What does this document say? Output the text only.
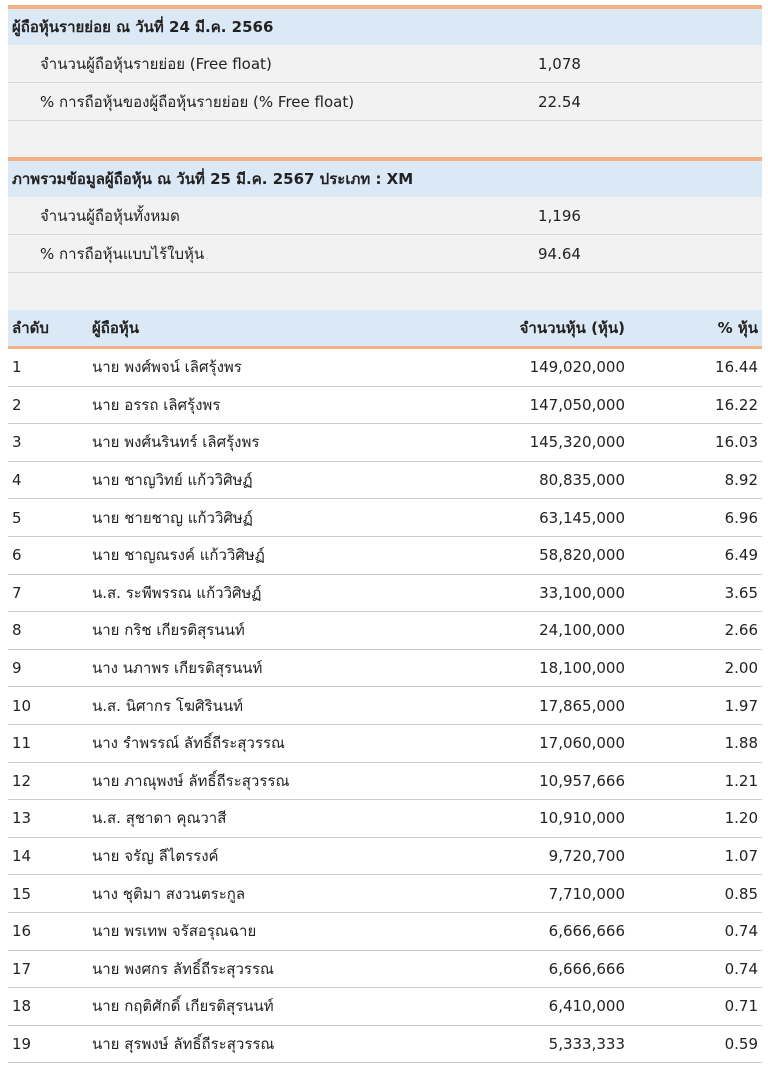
ผู้ถือหุ้นรายย่อย ณ วันที่ 24 มี.ค. 2566
จำนวนผู้ถือหุ้นรายย่อย (Free float)	1,078
% การถือหุ้นของผู้ถือหุ้นรายย่อย (% Free float)	22.54
ภาพรวมข้อมูลผู้ถือหุ้น ณ วันที่ 25 มี.ค. 2567 ประเภท : XM
จำนวนผู้ถือหุ้นทั้งหมด	1,196
% การถือหุ้นแบบไร้ใบหุ้น	94.64
ลำดับ	ผู้ถือหุ้น	จำนวนหุ้น (หุ้น)	% หุ้น
1	นาย พงศ์พจน์ เลิศรุ้งพร	149,020,000	16.44
2	นาย อรรถ เลิศรุ้งพร	147,050,000	16.22
3	นาย พงศ์นรินทร์ เลิศรุ้งพร	145,320,000	16.03
4	นาย ชาญวิทย์ แก้ววิศิษฏ์	80,835,000	8.92
5	นาย ชายชาญ แก้ววิศิษฏ์	63,145,000	6.96
6	นาย ชาญณรงค์ แก้ววิศิษฏ์	58,820,000	6.49
7	น.ส. ระพีพรรณ แก้ววิศิษฏ์	33,100,000	3.65
8	นาย กริช เกียรติสุรนนท์	24,100,000	2.66
9	นาง นภาพร เกียรติสุรนนท์	18,100,000	2.00
10	น.ส. นิศากร โฆศิรินนท์	17,865,000	1.97
11	นาง รำพรรณ์ ลัทธิ์ถีระสุวรรณ	17,060,000	1.88
12	นาย ภาณุพงษ์ ลัทธิ์ถีระสุวรรณ	10,957,666	1.21
13	น.ส. สุชาดา คุณวาสี	10,910,000	1.20
14	นาย จรัญ ลีไตรรงค์	9,720,700	1.07
15	นาง ชุติมา สงวนตระกูล	7,710,000	0.85
16	นาย พรเทพ จรัสอรุณฉาย	6,666,666	0.74
17	นาย พงศกร ลัทธิ์ถีระสุวรรณ	6,666,666	0.74
18	นาย กฤติศักดิ์ เกียรติสุรนนท์	6,410,000	0.71
19	นาย สุรพงษ์ ลัทธิ์ถีระสุวรรณ	5,333,333	0.59
